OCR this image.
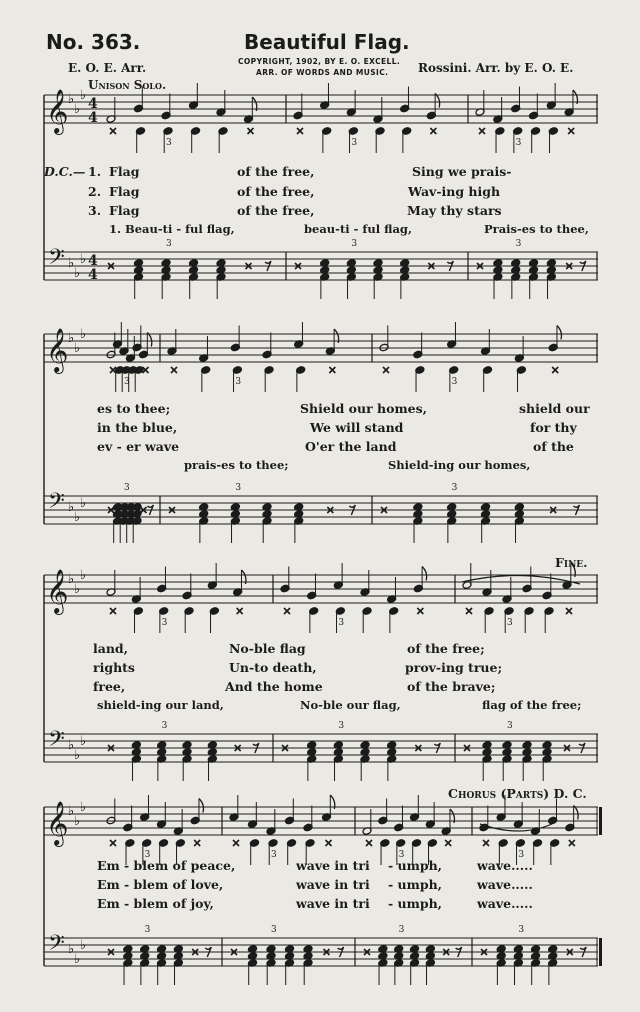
No. 363.	Beautiful Flag.
E. O. E. Arr.	COPYRIGHT, 1902, BY E. O. EXCELL.
ARR. OF WORDS AND MUSIC. Rossini. Arr. by E. O. E.
Unison Solo.
𝄞
𝄢
♭
♭
♭
♭
♭
♭
4
4
4
4
3
3
3
3
3
3
𝄞
𝄢
♭
♭
♭
♭
♭
♭
3
3
3
3
3
3
𝄞
𝄢
♭
♭
♭
♭
♭
♭
3
3
3
3
3
3
𝄞
𝄢
♭
♭
♭
♭
♭
♭
3
3
3
3
3
3
3
3
D.C.— 1. Flag	of the free,	Sing we prais-
2. Flag	of the free,	Wav-ing high
3. Flag	of the free,	May thy stars
1. Beau-ti - ful flag,	beau-ti - ful flag,	Prais-es to thee,
es to thee;	Shield our homes,	shield our
in the blue,	We will stand	for thy
ev - er wave	O'er the land	of the
prais-es to thee;	Shield-ing our homes,
Fine.
land,	No-ble flag	of the free;
rights	Un-to death,	prov-ing true;
free,	And the home	of the brave;
shield-ing our land,	No-ble our flag,	flag of the free;
Chorus (Parts) D. C.
Em - blem of peace,	wave in tri - umph,	wave.....
Em - blem of love,	wave in tri - umph,	wave.....
Em - blem of joy,	wave in tri - umph,	wave.....
